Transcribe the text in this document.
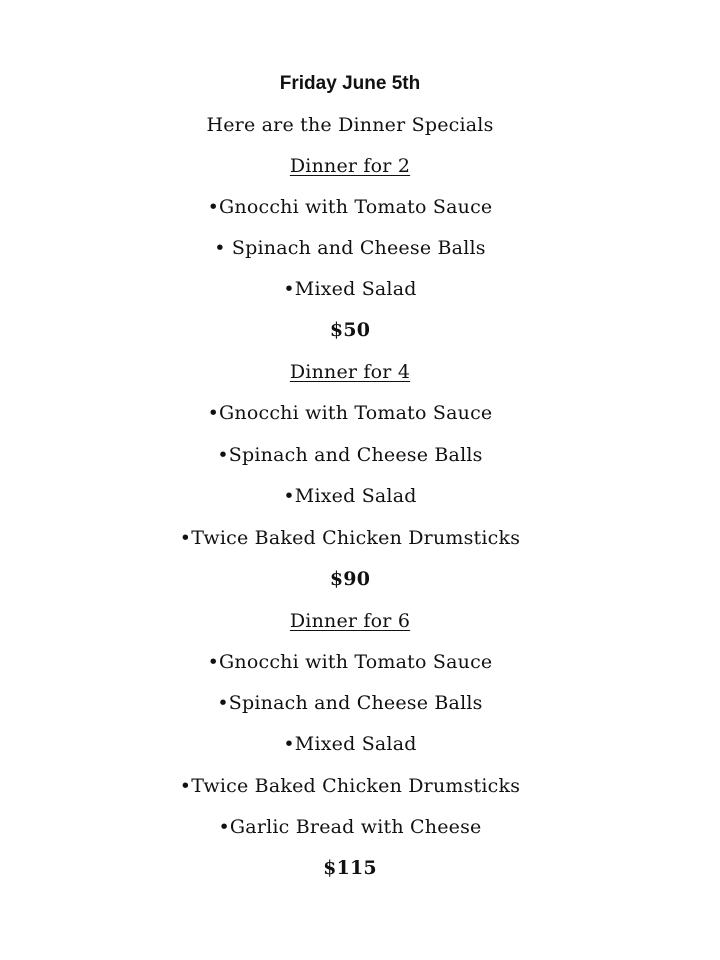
Friday June 5th
Here are the Dinner Specials
Dinner for 2
•Gnocchi with Tomato Sauce
• Spinach and Cheese Balls
•Mixed Salad
$50
Dinner for 4
•Gnocchi with Tomato Sauce
•Spinach and Cheese Balls
•Mixed Salad
•Twice Baked Chicken Drumsticks
$90
Dinner for 6
•Gnocchi with Tomato Sauce
•Spinach and Cheese Balls
•Mixed Salad
•Twice Baked Chicken Drumsticks
•Garlic Bread with Cheese
$115
